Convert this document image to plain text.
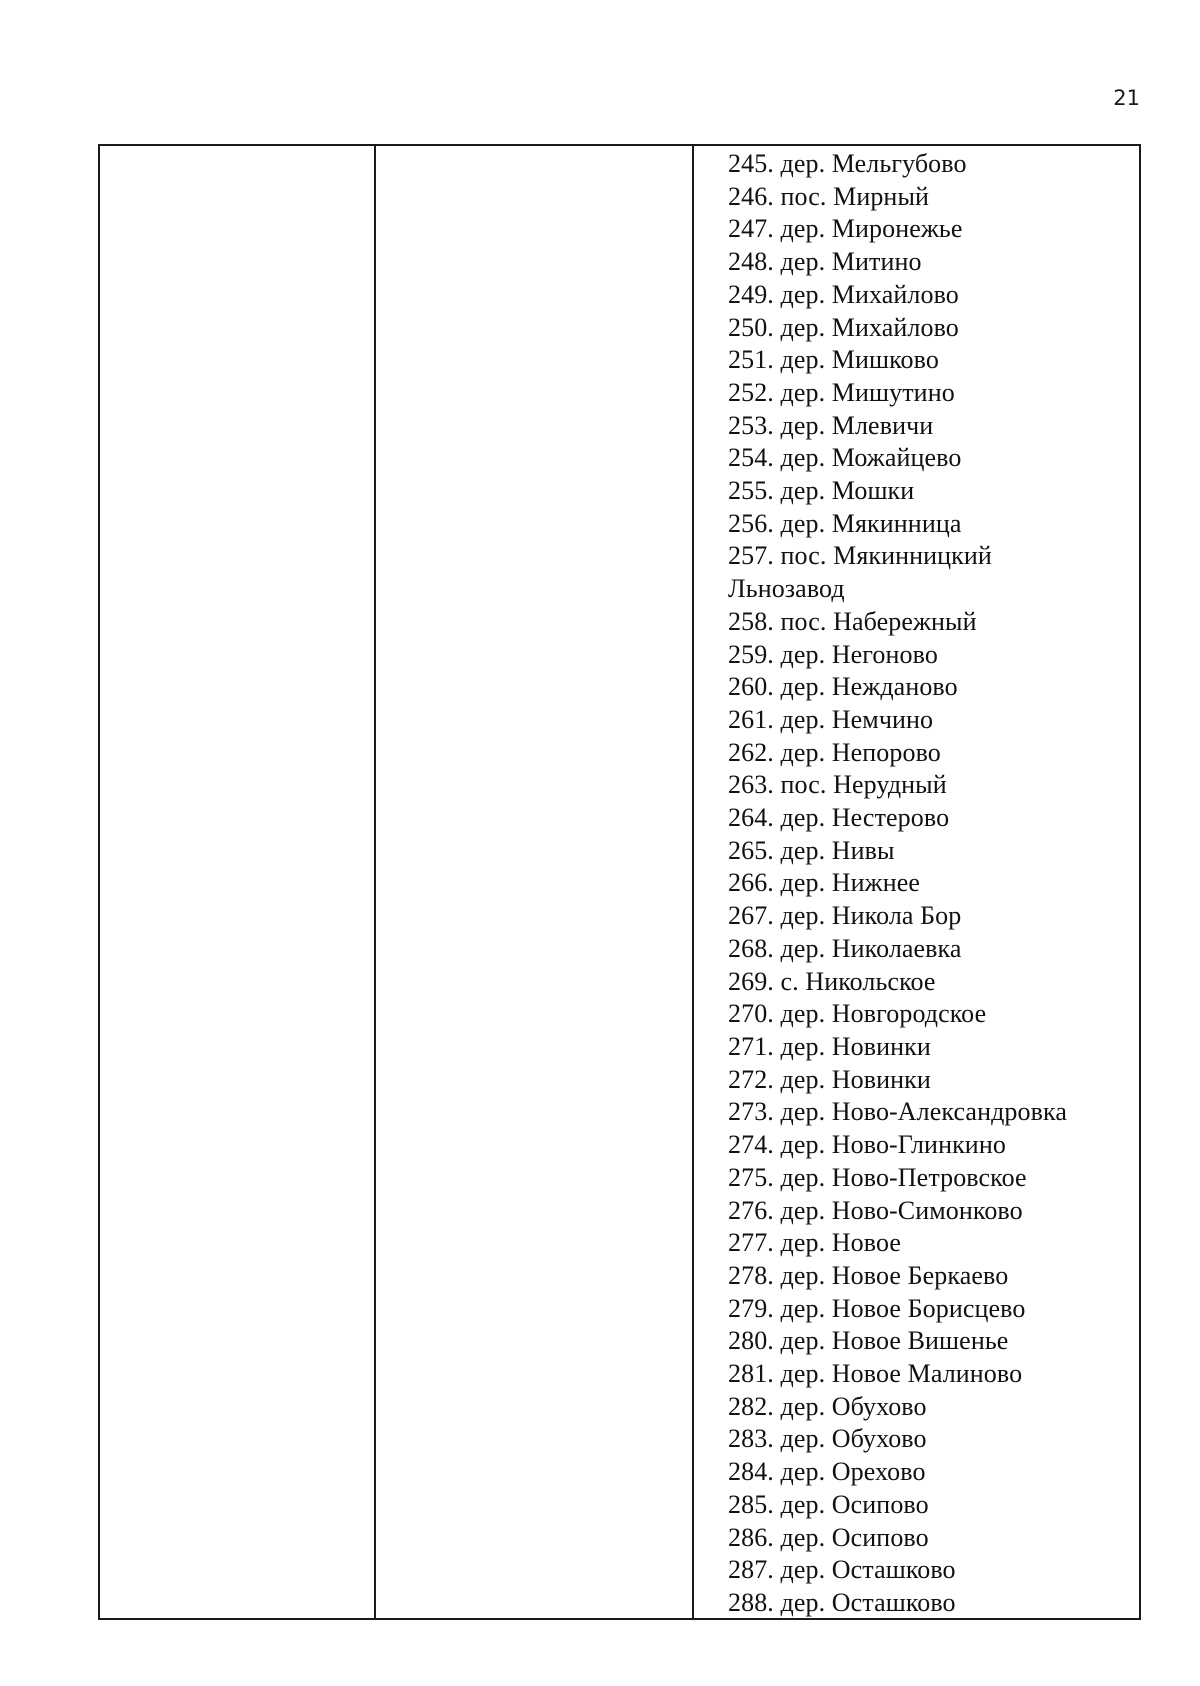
21
245. дер. Мельгубово
246. пос. Мирный
247. дер. Миронежье
248. дер. Митино
249. дер. Михайлово
250. дер. Михайлово
251. дер. Мишково
252. дер. Мишутино
253. дер. Млевичи
254. дер. Можайцево
255. дер. Мошки
256. дер. Мякинница
257. пос. Мякинницкий
Льнозавод
258. пос. Набережный
259. дер. Негоново
260. дер. Нежданово
261. дер. Немчино
262. дер. Непорово
263. пос. Нерудный
264. дер. Нестерово
265. дер. Нивы
266. дер. Нижнее
267. дер. Никола Бор
268. дер. Николаевка
269. с. Никольское
270. дер. Новгородское
271. дер. Новинки
272. дер. Новинки
273. дер. Ново-Александровка
274. дер. Ново-Глинкино
275. дер. Ново-Петровское
276. дер. Ново-Симонково
277. дер. Новое
278. дер. Новое Беркаево
279. дер. Новое Борисцево
280. дер. Новое Вишенье
281. дер. Новое Малиново
282. дер. Обухово
283. дер. Обухово
284. дер. Орехово
285. дер. Осипово
286. дер. Осипово
287. дер. Осташково
288. дер. Осташково
